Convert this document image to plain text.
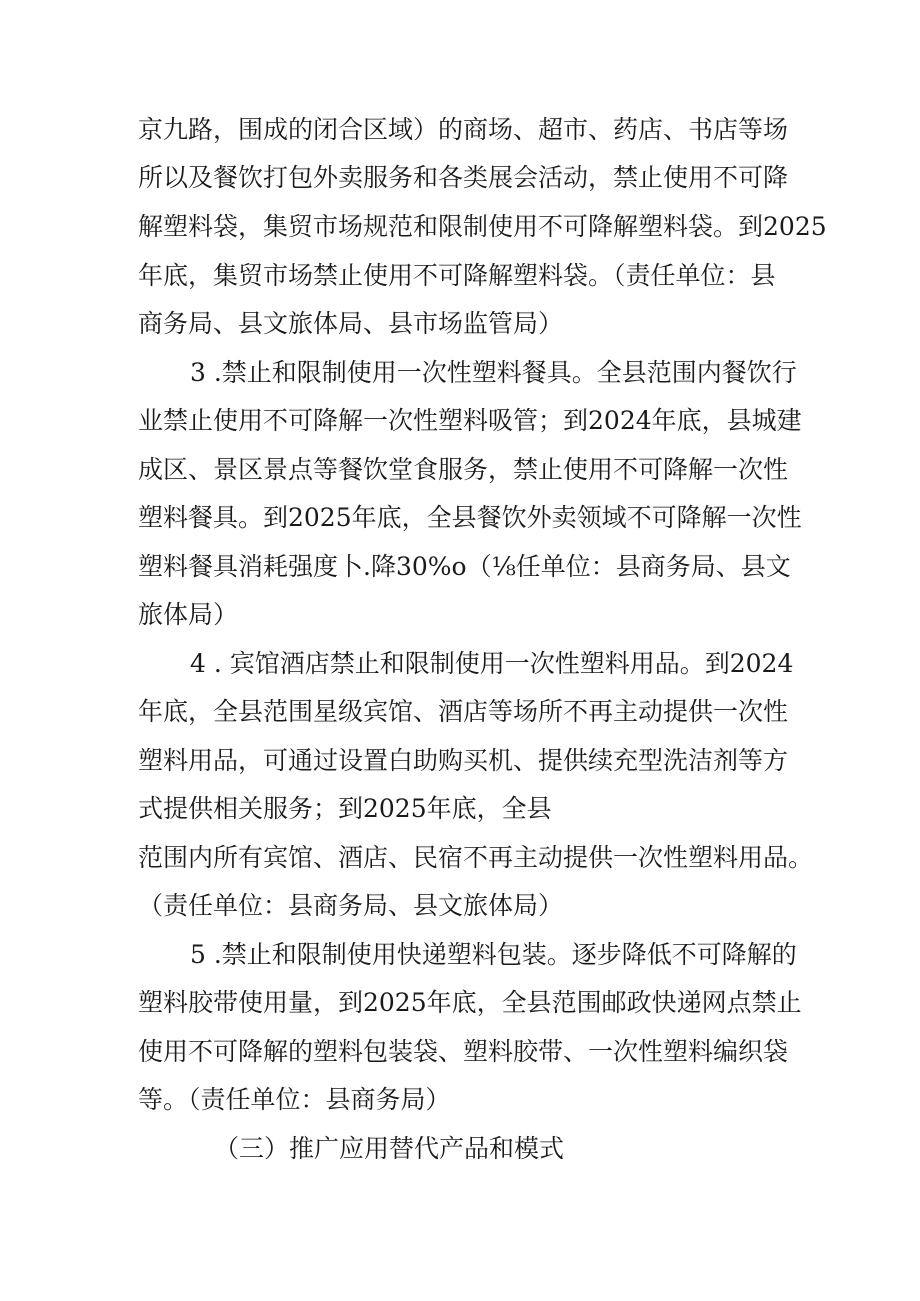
京九路，围成的闭合区域）的商场、超市、药店、书店等场
所以及餐饮打包外卖服务和各类展会活动，禁止使用不可降
解塑料袋，集贸市场规范和限制使用不可降解塑料袋。到2025
年底，集贸市场禁止使用不可降解塑料袋。（责任单位：县
商务局、县文旅体局、县市场监管局）
3 .禁止和限制使用一次性塑料餐具。全县范围内餐饮行
业禁止使用不可降解一次性塑料吸管；到2024年底，县城建
成区、景区景点等餐饮堂食服务，禁止使用不可降解一次性
塑料餐具。到2025年底，全县餐饮外卖领域不可降解一次性
塑料餐具消耗强度卜.降30%o（⅛任单位：县商务局、县文
旅体局）
4 . 宾馆酒店禁止和限制使用一次性塑料用品。到2024
年底，全县范围星级宾馆、酒店等场所不再主动提供一次性
塑料用品，可通过设置白助购买机、提供续充型洗洁剂等方
式提供相关服务；到2025年底，全县
范围内所有宾馆、酒店、民宿不再主动提供一次性塑料用品。
（责任单位：县商务局、县文旅体局）
5 .禁止和限制使用快递塑料包装。逐步降低不可降解的
塑料胶带使用量，到2025年底，全县范围邮政快递网点禁止
使用不可降解的塑料包装袋、塑料胶带、一次性塑料编织袋
等。（责任单位：县商务局）
（三）推广应用替代产品和模式
